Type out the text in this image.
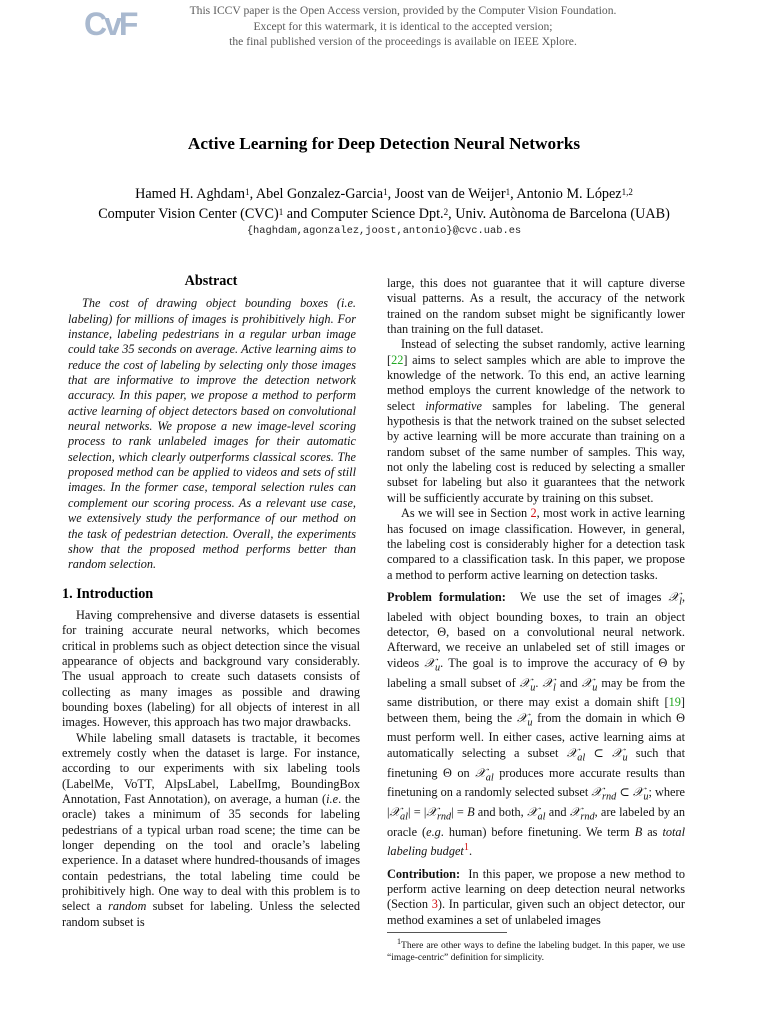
CvF	This ICCV paper is the Open Access version, provided by the Computer Vision Foundation.
Except for this watermark, it is identical to the accepted version;
the final published version of the proceedings is available on IEEE Xplore.
Active Learning for Deep Detection Neural Networks
Hamed H. Aghdam$^1$, Abel Gonzalez-Garcia$^1$, Joost van de Weijer$^1$, Antonio M. López$^{1,2}$
Computer Vision Center (CVC)$^1$ and Computer Science Dpt.$^2$, Univ. Autònoma de Barcelona (UAB)
{haghdam,agonzalez,joost,antonio}@cvc.uab.es
Abstract

The cost of drawing object bounding boxes (i.e. labeling) for millions of images is prohibitively high. For instance, labeling pedestrians in a regular urban image could take 35 seconds on average. Active learning aims to reduce the cost of labeling by selecting only those images that are informative to improve the detection network accuracy. In this paper, we propose a method to perform active learning of object detectors based on convolutional neural networks. We propose a new image-level scoring process to rank unlabeled images for their automatic selection, which clearly outperforms classical scores. The proposed method can be applied to videos and sets of still images. In the former case, temporal selection rules can complement our scoring process. As a relevant use case, we extensively study the performance of our method on the task of pedestrian detection. Overall, the experiments show that the proposed method performs better than random selection.

1. Introduction

Having comprehensive and diverse datasets is essential for training accurate neural networks, which becomes critical in problems such as object detection since the visual appearance of objects and background vary considerably. The usual approach to create such datasets consists of collecting as many images as possible and drawing bounding boxes (labeling) for all objects of interest in all images. However, this approach has two major drawbacks.

While labeling small datasets is tractable, it becomes extremely costly when the dataset is large. For instance, according to our experiments with six labeling tools (LabelMe, VoTT, AlpsLabel, LabelImg, BoundingBox Annotation, Fast Annotation), on average, a human (i.e. the oracle) takes a minimum of 35 seconds for labeling pedestrians of a typical urban road scene; the time can be longer depending on the tool and oracle’s labeling experience. In a dataset where hundred-thousands of images contain pedestrians, the total labeling time could be prohibitively high. One way to deal with this problem is to select a random subset for labeling. Unless the selected random subset is

large, this does not guarantee that it will capture diverse visual patterns. As a result, the accuracy of the network trained on the random subset might be significantly lower than training on the full dataset.

Instead of selecting the subset randomly, active learning [22] aims to select samples which are able to improve the knowledge of the network. To this end, an active learning method employs the current knowledge of the network to select informative samples for labeling. The general hypothesis is that the network trained on the subset selected by active learning will be more accurate than training on a random subset of the same number of samples. This way, not only the labeling cost is reduced by selecting a smaller subset for labeling but also it guarantees that the network will be sufficiently accurate by training on this subset.

As we will see in Section 2, most work in active learning has focused on image classification. However, in general, the labeling cost is considerably higher for a detection task compared to a classification task. In this paper, we propose a method to perform active learning on detection tasks.

Problem formulation:  We use the set of images 𝒳$_l$, labeled with object bounding boxes, to train an object detector, Θ, based on a convolutional neural network. Afterward, we receive an unlabeled set of still images or videos 𝒳$_u$. The goal is to improve the accuracy of Θ by labeling a small subset of 𝒳$_u$. 𝒳$_l$ and 𝒳$_u$ may be from the same distribution, or there may exist a domain shift [19] between them, being the 𝒳$_u$ from the domain in which Θ must perform well. In either cases, active learning aims at automatically selecting a subset 𝒳$_{al}$ ⊂ 𝒳$_u$ such that finetuning Θ on 𝒳$_{al}$ produces more accurate results than finetuning on a randomly selected subset 𝒳$_{rnd}$ ⊂ 𝒳$_u$; where |𝒳$_{al}$| = |𝒳$_{rnd}$| = B and both, 𝒳$_{al}$ and 𝒳$_{rnd}$, are labeled by an oracle (e.g. human) before finetuning. We term B as total labeling budget$^1$.

Contribution:  In this paper, we propose a new method to perform active learning on deep detection neural networks (Section 3). In particular, given such an object detector, our method examines a set of unlabeled images

$^1$There are other ways to define the labeling budget. In this paper, we use “image-centric” definition for simplicity.
